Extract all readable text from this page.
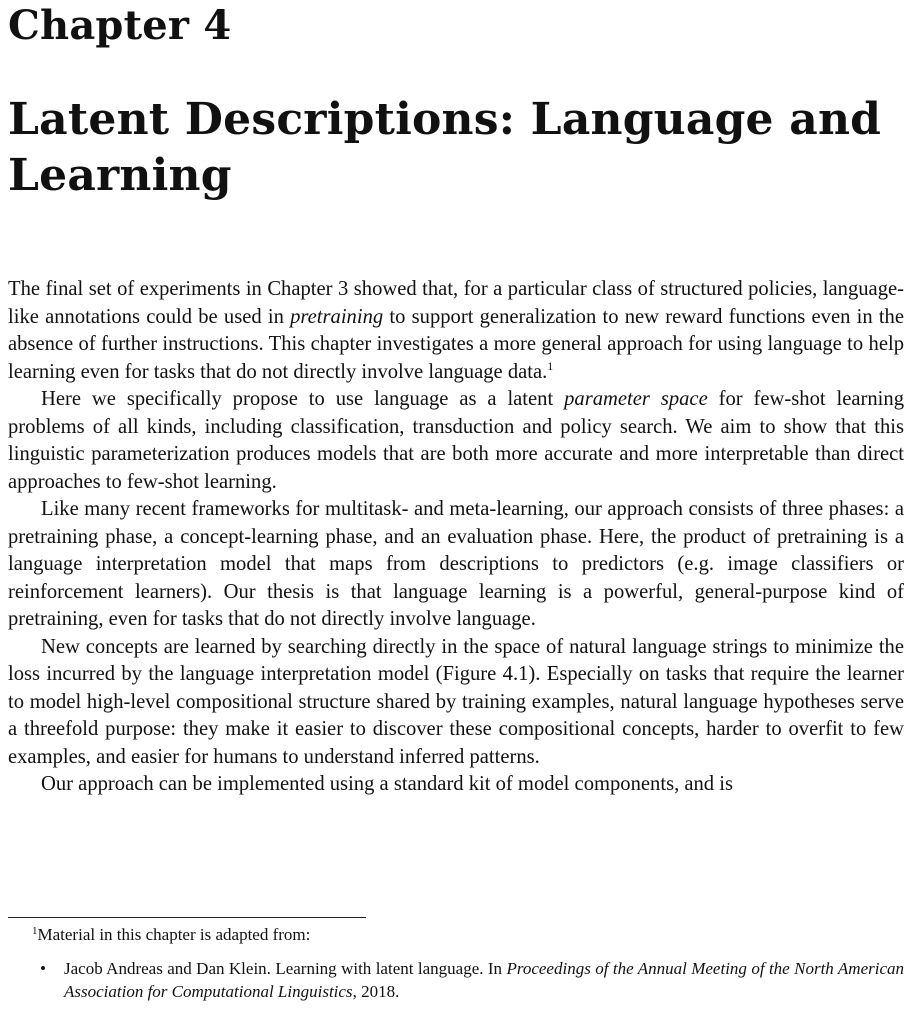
Chapter 4
Latent Descriptions: Language and Learning

The final set of experiments in Chapter 3 showed that, for a particular class of structured policies, language-like annotations could be used in pretraining to support generalization to new reward functions even in the absence of further instructions. This chapter investigates a more general approach for using language to help learning even for tasks that do not directly involve language data.$^1$

Here we specifically propose to use language as a latent parameter space for few-shot learning problems of all kinds, including classification, transduction and policy search. We aim to show that this linguistic parameterization produces models that are both more accurate and more interpretable than direct approaches to few-shot learning.

Like many recent frameworks for multitask- and meta-learning, our approach consists of three phases: a pretraining phase, a concept-learning phase, and an evaluation phase. Here, the product of pretraining is a language interpretation model that maps from descriptions to predictors (e.g. image classifiers or reinforcement learners). Our thesis is that language learning is a powerful, general-purpose kind of pretraining, even for tasks that do not directly involve language.

New concepts are learned by searching directly in the space of natural language strings to minimize the loss incurred by the language interpretation model (Figure 4.1). Especially on tasks that require the learner to model high-level compositional structure shared by training examples, natural language hypotheses serve a threefold purpose: they make it easier to discover these compositional concepts, harder to overfit to few examples, and easier for humans to understand inferred patterns.

Our approach can be implemented using a standard kit of model components, and is

$^1$Material in this chapter is adapted from:

• Jacob Andreas and Dan Klein. Learning with latent language. In Proceedings of the Annual Meeting of the North American Association for Computational Linguistics, 2018.
